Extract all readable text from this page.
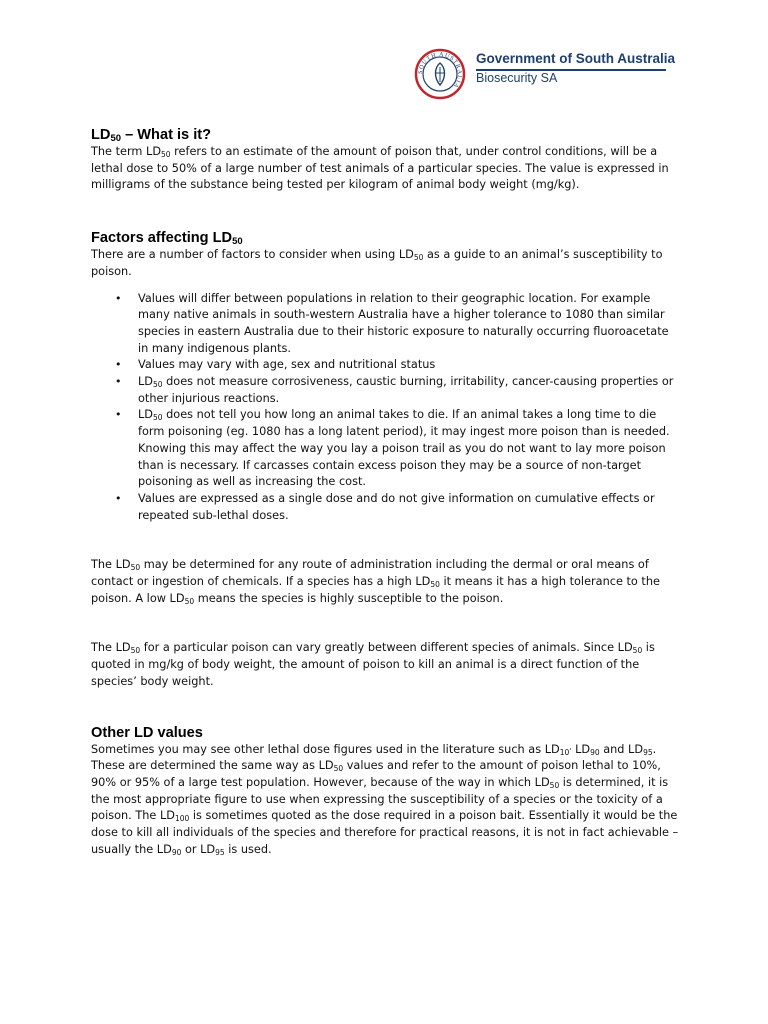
SOUTH AUSTRALIA
Government of South Australia
Biosecurity SA
$LD_{50}$ – What is it?

The term $LD_{50}$ refers to an estimate of the amount of poison that, under control conditions, will be a lethal dose to 50% of a large number of test animals of a particular species. The value is expressed in milligrams of the substance being tested per kilogram of animal body weight (mg/kg).

Factors affecting $LD_{50}$

There are a number of factors to consider when using $LD_{50}$ as a guide to an animal’s susceptibility to poison.

• Values will differ between populations in relation to their geographic location. For example many native animals in south-western Australia have a higher tolerance to 1080 than similar species in eastern Australia due to their historic exposure to naturally occurring fluoroacetate in many indigenous plants.
• Values may vary with age, sex and nutritional status
• $LD_{50}$ does not measure corrosiveness, caustic burning, irritability, cancer-causing properties or other injurious reactions.
• $LD_{50}$ does not tell you how long an animal takes to die. If an animal takes a long time to die form poisoning (eg. 1080 has a long latent period), it may ingest more poison than is needed. Knowing this may affect the way you lay a poison trail as you do not want to lay more poison than is necessary. If carcasses contain excess poison they may be a source of non-target poisoning as well as increasing the cost.
• Values are expressed as a single dose and do not give information on cumulative effects or repeated sub-lethal doses.

The $LD_{50}$ may be determined for any route of administration including the dermal or oral means of contact or ingestion of chemicals. If a species has a high $LD_{50}$ it means it has a high tolerance to the poison. A low $LD_{50}$ means the species is highly susceptible to the poison.

The $LD_{50}$ for a particular poison can vary greatly between different species of animals. Since $LD_{50}$ is quoted in mg/kg of body weight, the amount of poison to kill an animal is a direct function of the species’ body weight.

Other LD values

Sometimes you may see other lethal dose figures used in the literature such as $LD_{10}^,$ $LD_{90}$ and $LD_{95}$. These are determined the same way as $LD_{50}$ values and refer to the amount of poison lethal to 10%, 90% or 95% of a large test population. However, because of the way in which $LD_{50}$ is determined, it is the most appropriate figure to use when expressing the susceptibility of a species or the toxicity of a poison. The $LD_{100}$ is sometimes quoted as the dose required in a poison bait. Essentially it would be the dose to kill all individuals of the species and therefore for practical reasons, it is not in fact achievable – usually the $LD_{90}$ or $LD_{95}$ is used.
